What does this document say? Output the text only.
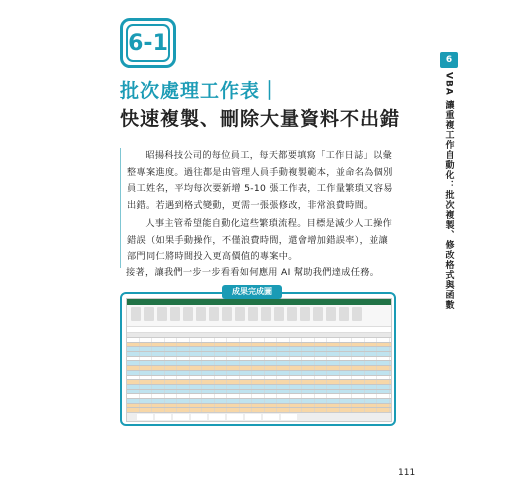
6-1
批次處理工作表｜
快速複製、刪除大量資料不出錯
6
VBA 讓重複工作自動化：批次複製、修改格式與函數

昭揚科技公司的每位員工，每天都要填寫「工作日誌」以彙整專案進度。過往都是由管理人員手動複製範本，並命名為個別員工姓名，平均每次要新增 5-10 張工作表，工作量繁瑣又容易出錯。若遇到格式變動，更需一張張修改，非常浪費時間。

人事主管希望能自動化這些繁瑣流程。目標是減少人工操作錯誤（如果手動操作，不僅浪費時間，還會增加錯誤率），並讓部門同仁將時間投入更高價值的專案中。

接著，讓我們一步一步看看如何應用 AI 幫助我們達成任務。
成果完成圖
111
